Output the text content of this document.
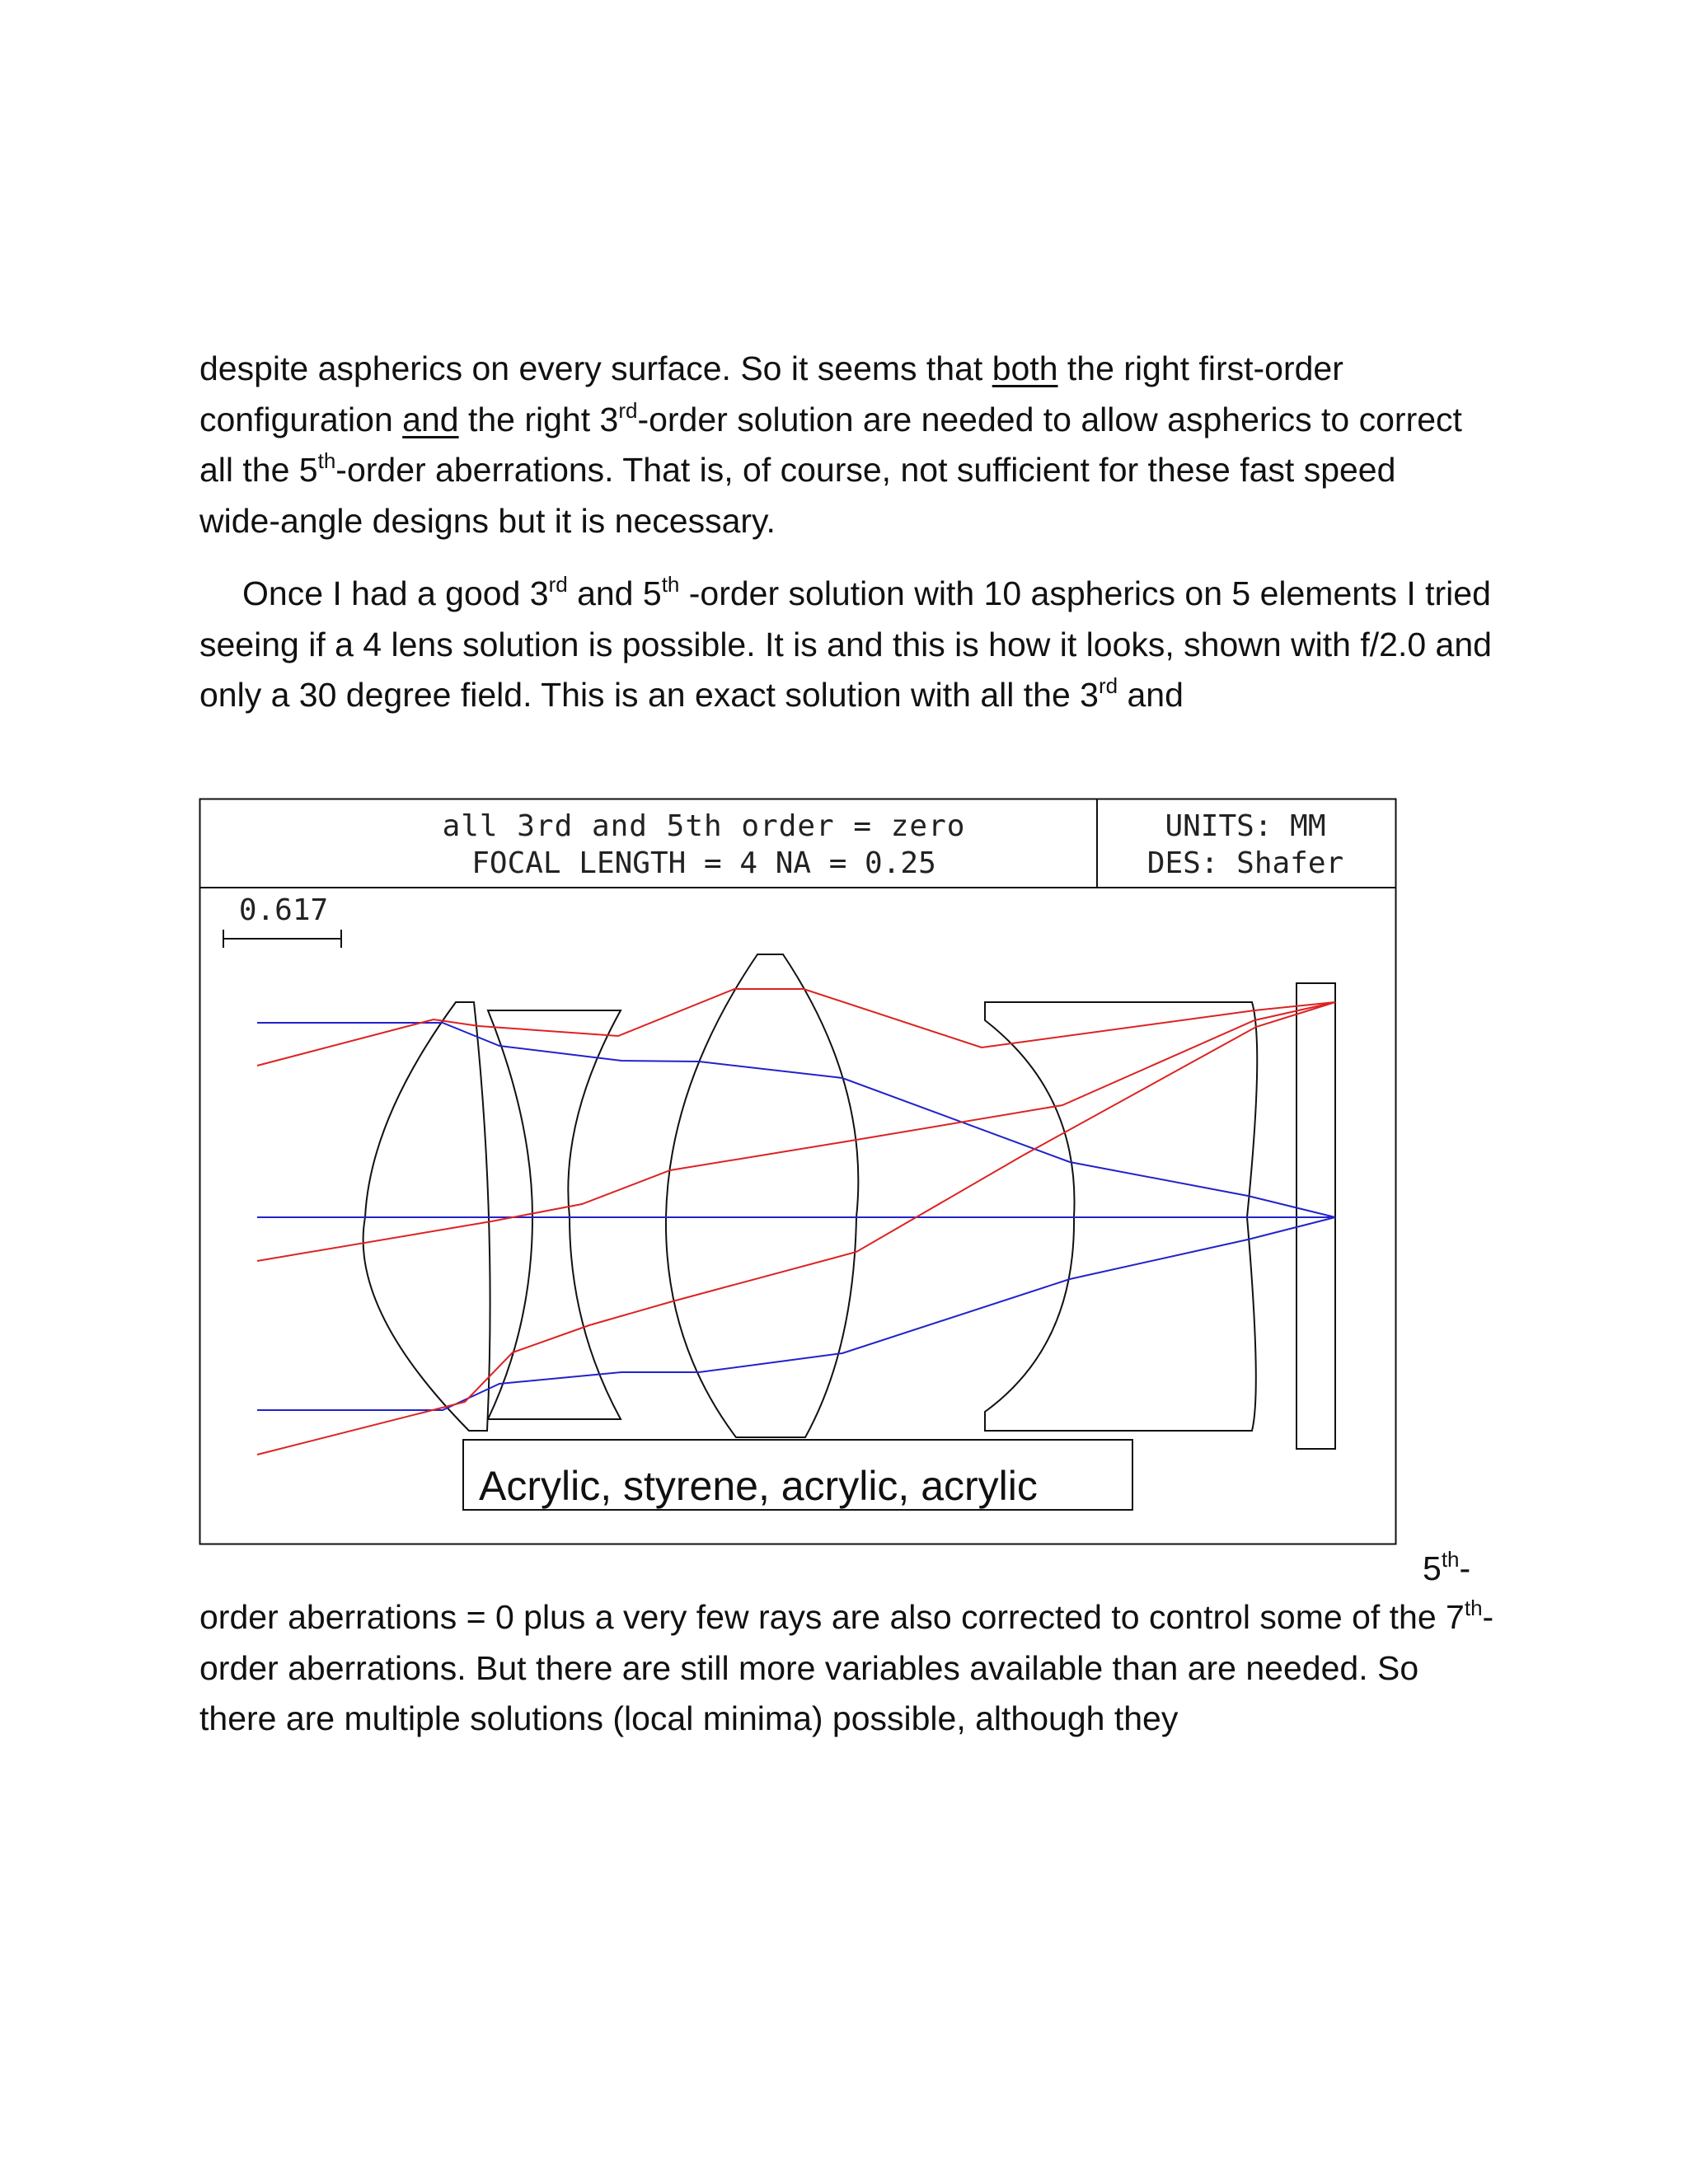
despite aspherics on every surface. So it seems that both the right first-order configuration and the right 3rd-order solution are needed to allow aspherics to correct all the 5th-order aberrations. That is, of course, not sufficient for these fast speed wide-angle designs but it is necessary.

Once I had a good 3rd and 5th -order solution with 10 aspherics on 5 elements I tried seeing if a 4 lens solution is possible. It is and this is how it looks, shown with f/2.0 and only a 30 degree field. This is an exact solution with all the 3rd and

all 3rd and 5th order = zero
FOCAL LENGTH = 4 NA = 0.25
UNITS: MM
DES: Shafer
0.617
Acrylic, styrene, acrylic, acrylic

5th-

order aberrations = 0 plus a very few rays are also corrected to control some of the 7th-order aberrations. But there are still more variables available than are needed. So there are multiple solutions (local minima) possible, although they
